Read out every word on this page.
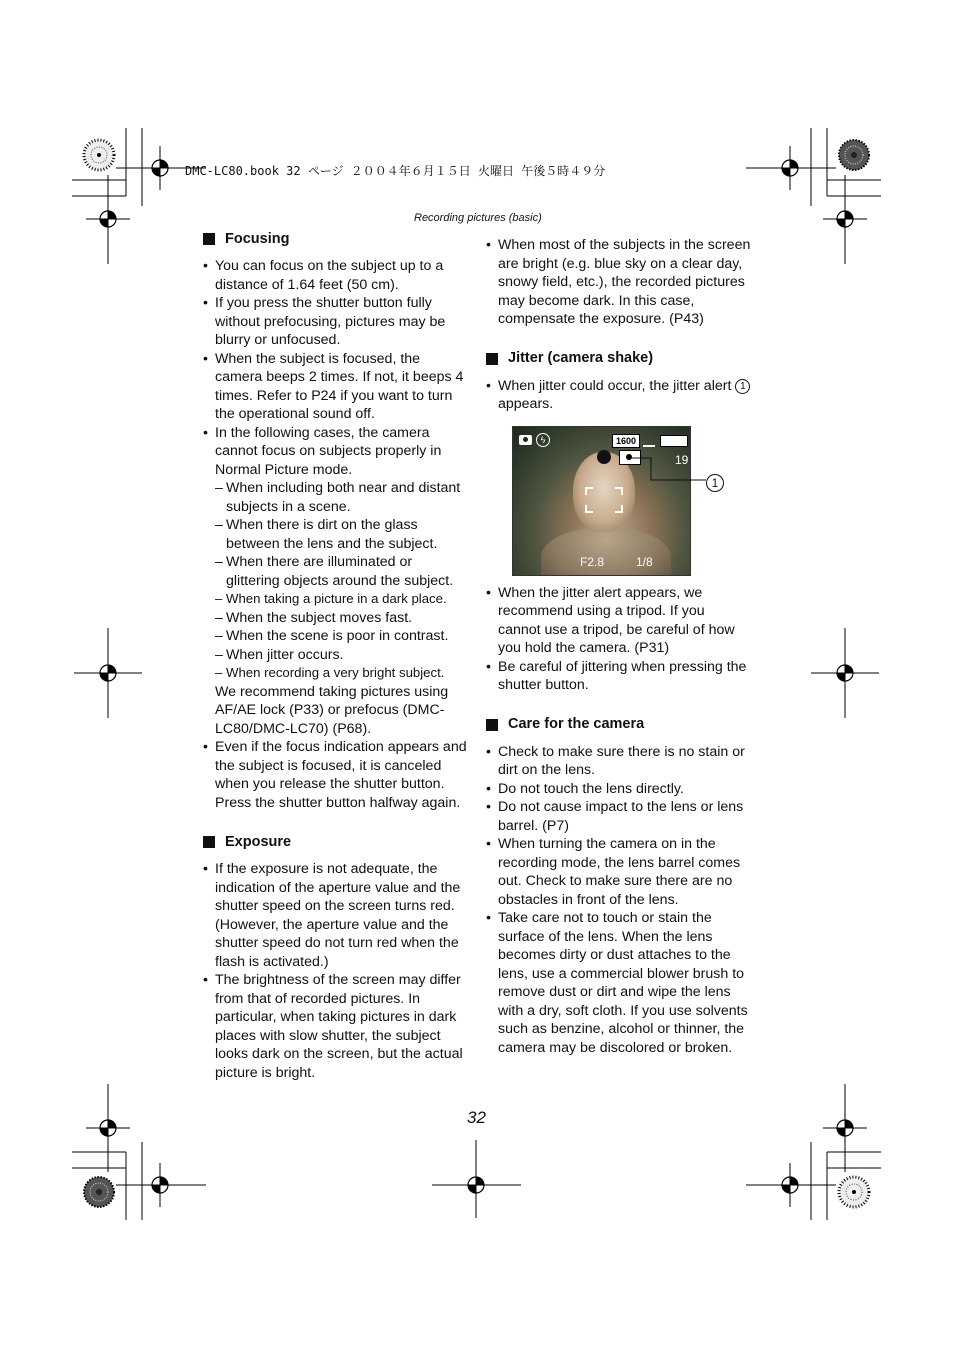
DMC-LC80.book 32 ページ ２００４年６月１５日 火曜日 午後５時４９分
Recording pictures (basic)
Focusing
• You can focus on the subject up to a distance of 1.64 feet (50 cm).
• If you press the shutter button fully without prefocusing, pictures may be blurry or unfocused.
• When the subject is focused, the camera beeps 2 times. If not, it beeps 4 times. Refer to P24 if you want to turn the operational sound off.
• In the following cases, the camera cannot focus on subjects properly in Normal Picture mode.
– When including both near and distant subjects in a scene.
– When there is dirt on the glass between the lens and the subject.
– When there are illuminated or glittering objects around the subject.
– When taking a picture in a dark place.
– When the subject moves fast.
– When the scene is poor in contrast.
– When jitter occurs.
– When recording a very bright subject.
We recommend taking pictures using AF/AE lock (P33) or prefocus (DMC-LC80/DMC-LC70) (P68).
• Even if the focus indication appears and the subject is focused, it is canceled when you release the shutter button. Press the shutter button halfway again.
Exposure
• If the exposure is not adequate, the indication of the aperture value and the shutter speed on the screen turns red. (However, the aperture value and the shutter speed do not turn red when the flash is activated.)
• The brightness of the screen may differ from that of recorded pictures. In particular, when taking pictures in dark places with slow shutter, the subject looks dark on the screen, but the actual picture is bright.
• When most of the subjects in the screen are bright (e.g. blue sky on a clear day, snowy field, etc.), the recorded pictures may become dark. In this case, compensate the exposure. (P43)
Jitter (camera shake)
• When jitter could occur, the jitter alert 1 appears.
ϟ	1600
19
F2.8	1/8
1
• When the jitter alert appears, we recommend using a tripod. If you cannot use a tripod, be careful of how you hold the camera. (P31)
• Be careful of jittering when pressing the shutter button.
Care for the camera
• Check to make sure there is no stain or dirt on the lens.
• Do not touch the lens directly.
• Do not cause impact to the lens or lens barrel. (P7)
• When turning the camera on in the recording mode, the lens barrel comes out. Check to make sure there are no obstacles in front of the lens.
• Take care not to touch or stain the surface of the lens. When the lens becomes dirty or dust attaches to the lens, use a commercial blower brush to remove dust or dirt and wipe the lens with a dry, soft cloth. If you use solvents such as benzine, alcohol or thinner, the camera may be discolored or broken.
32
